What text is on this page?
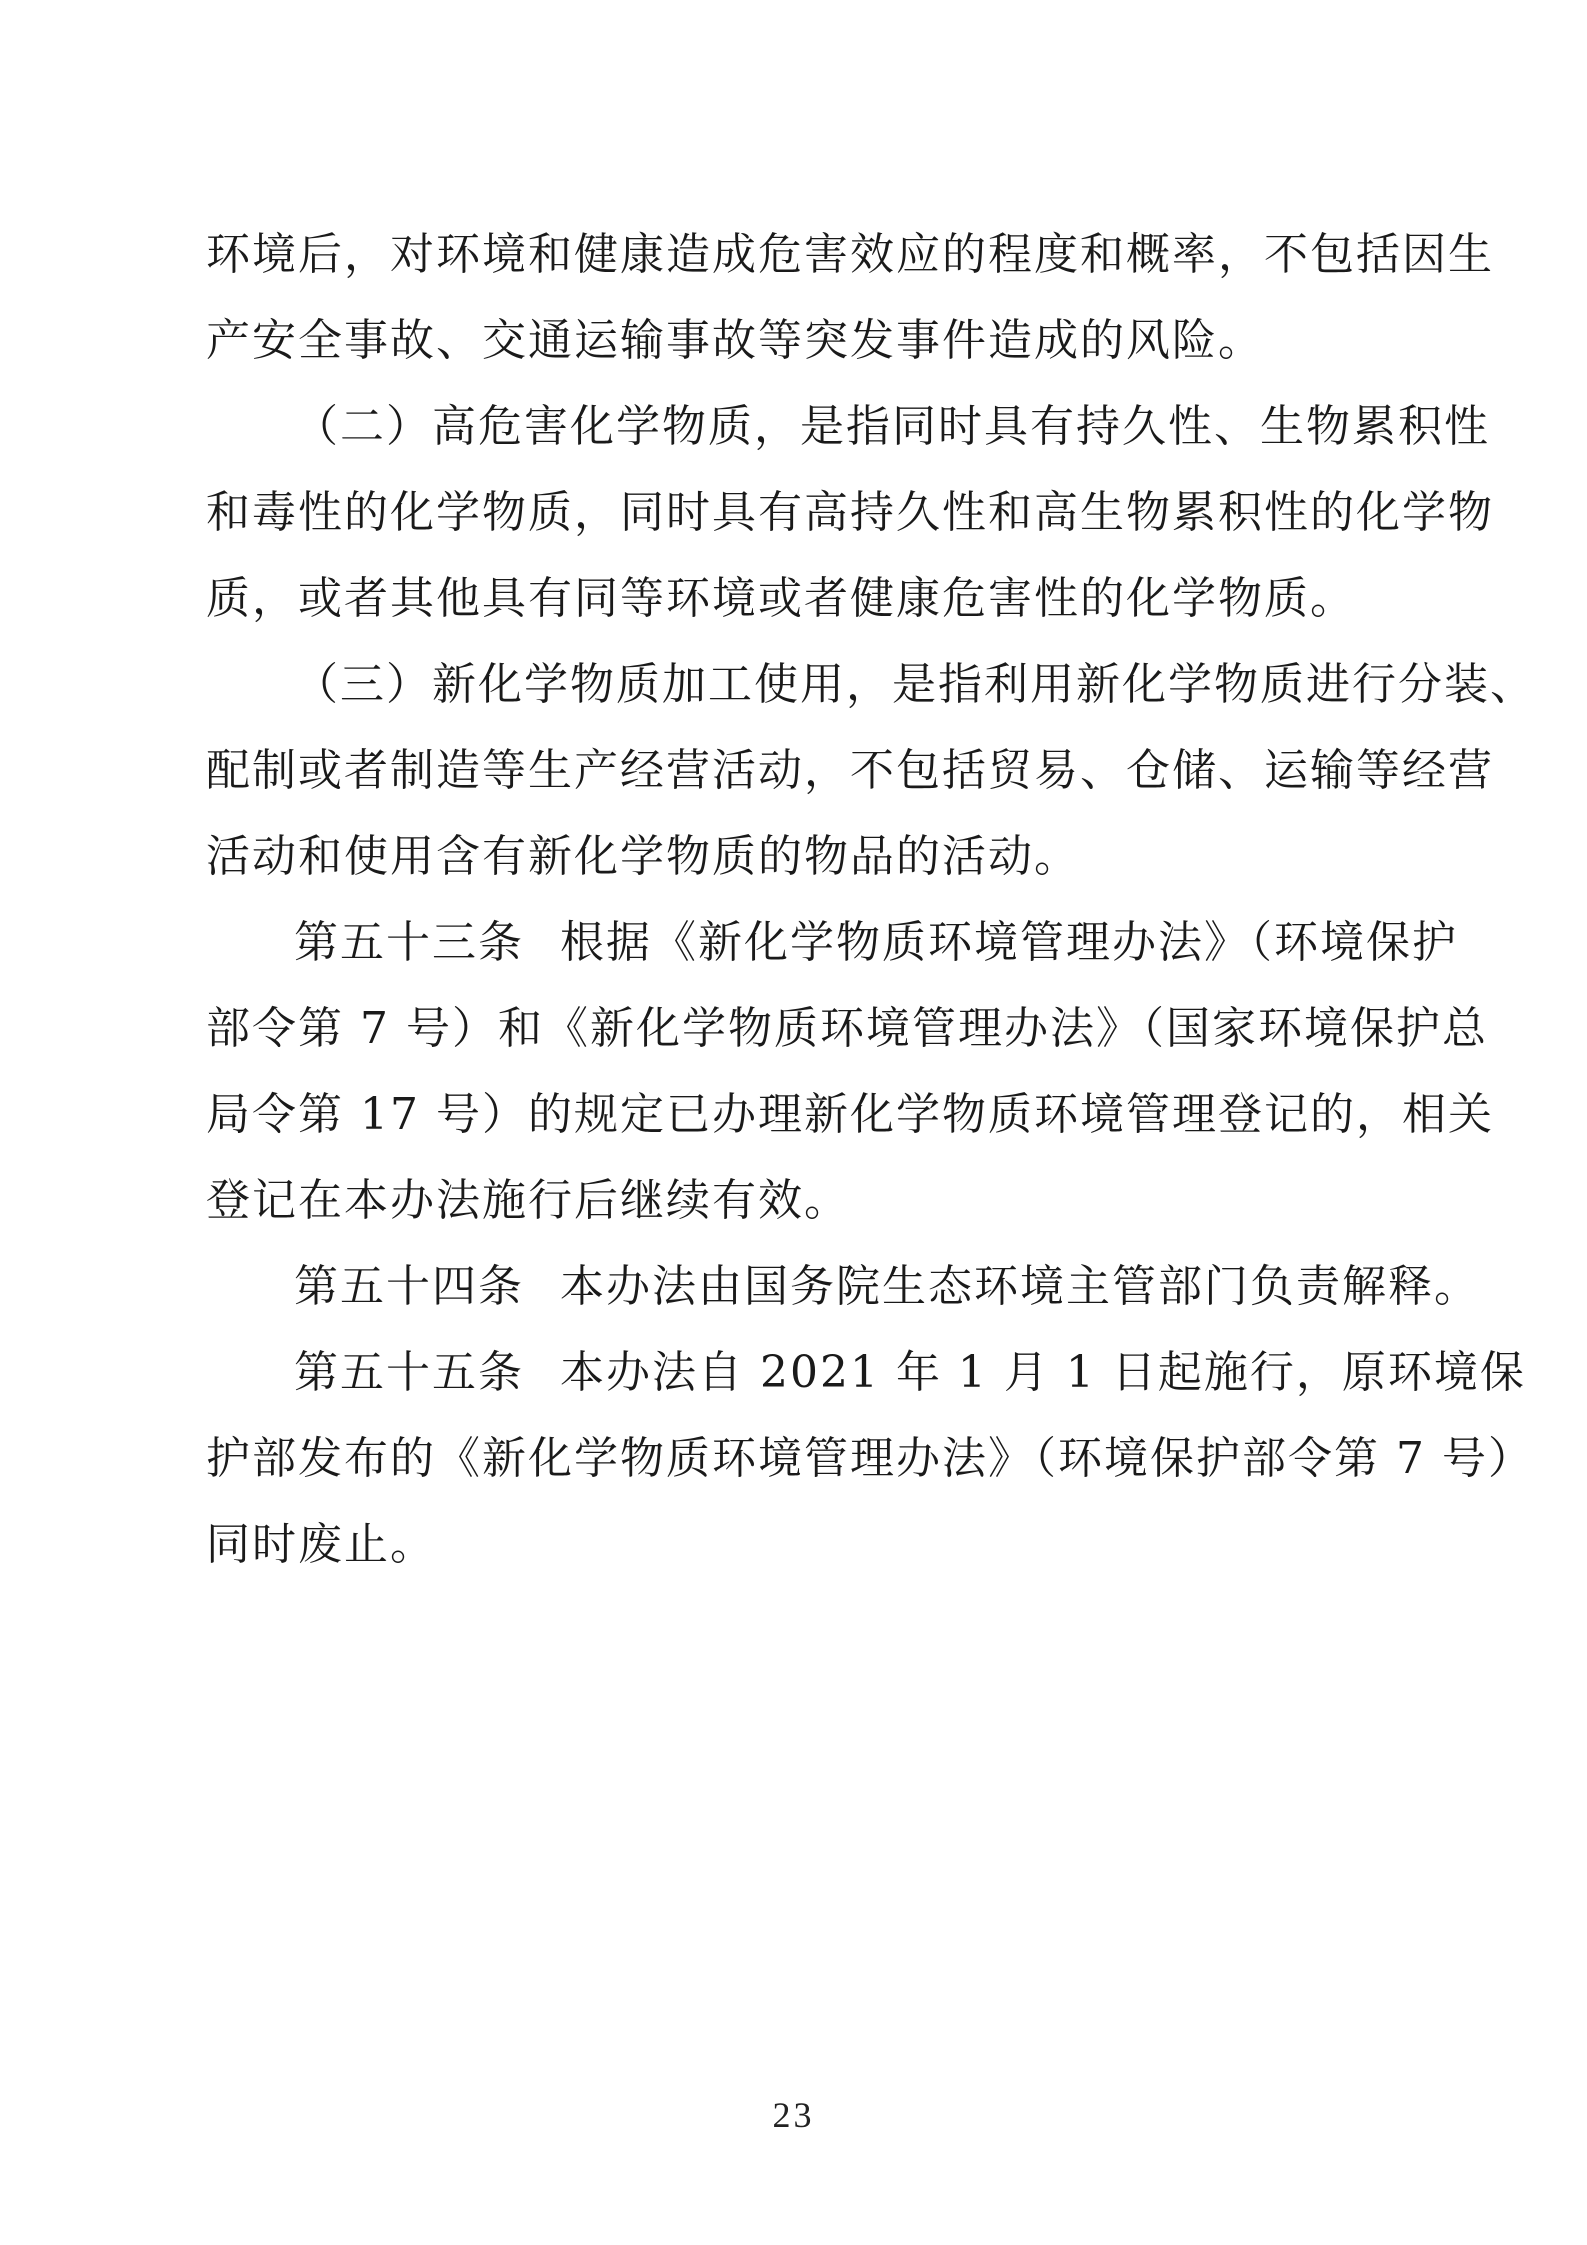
环境后，对环境和健康造成危害效应的程度和概率，不包括因生
产安全事故、交通运输事故等突发事件造成的风险。
（二）高危害化学物质，是指同时具有持久性、生物累积性
和毒性的化学物质，同时具有高持久性和高生物累积性的化学物
质，或者其他具有同等环境或者健康危害性的化学物质。
（三）新化学物质加工使用，是指利用新化学物质进行分装、
配制或者制造等生产经营活动，不包括贸易、仓储、运输等经营
活动和使用含有新化学物质的物品的活动。
第五十三条 根据《新化学物质环境管理办法》（环境保护
部令第 7 号）和《新化学物质环境管理办法》（国家环境保护总
局令第 17 号）的规定已办理新化学物质环境管理登记的，相关
登记在本办法施行后继续有效。
第五十四条 本办法由国务院生态环境主管部门负责解释。
第五十五条 本办法自 2021 年 1 月 1 日起施行，原环境保
护部发布的《新化学物质环境管理办法》（环境保护部令第 7 号）
同时废止。
23
